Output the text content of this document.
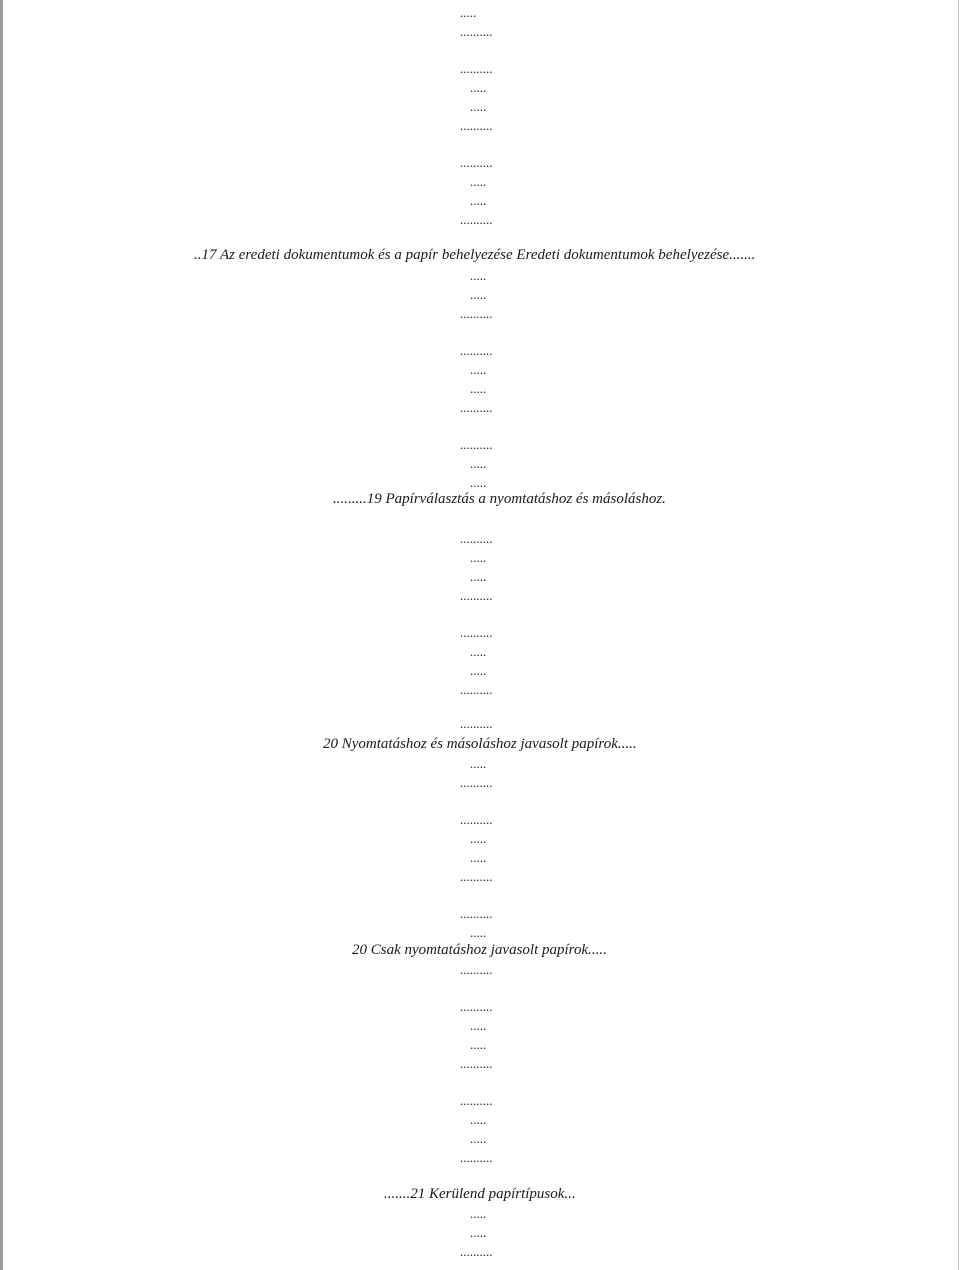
.....
..........
..........
.....
.....
..........
..........
.....
.....
..........
..17 Az eredeti dokumentumok és a papír behelyezése Eredeti dokumentumok behelyezése.......
.....
.....
..........
..........
.....
.....
..........
..........
.....
.....
.........19 Papírválasztás a nyomtatáshoz és másoláshoz.
..........
.....
.....
..........
..........
.....
.....
..........
..........
20 Nyomtatáshoz és másoláshoz javasolt papírok.....
.....
..........
..........
.....
.....
..........
..........
.....
20 Csak nyomtatáshoz javasolt papírok.....
..........
..........
.....
.....
..........
..........
.....
.....
..........
.......21 Kerülend papírtípusok...
.....
.....
..........
